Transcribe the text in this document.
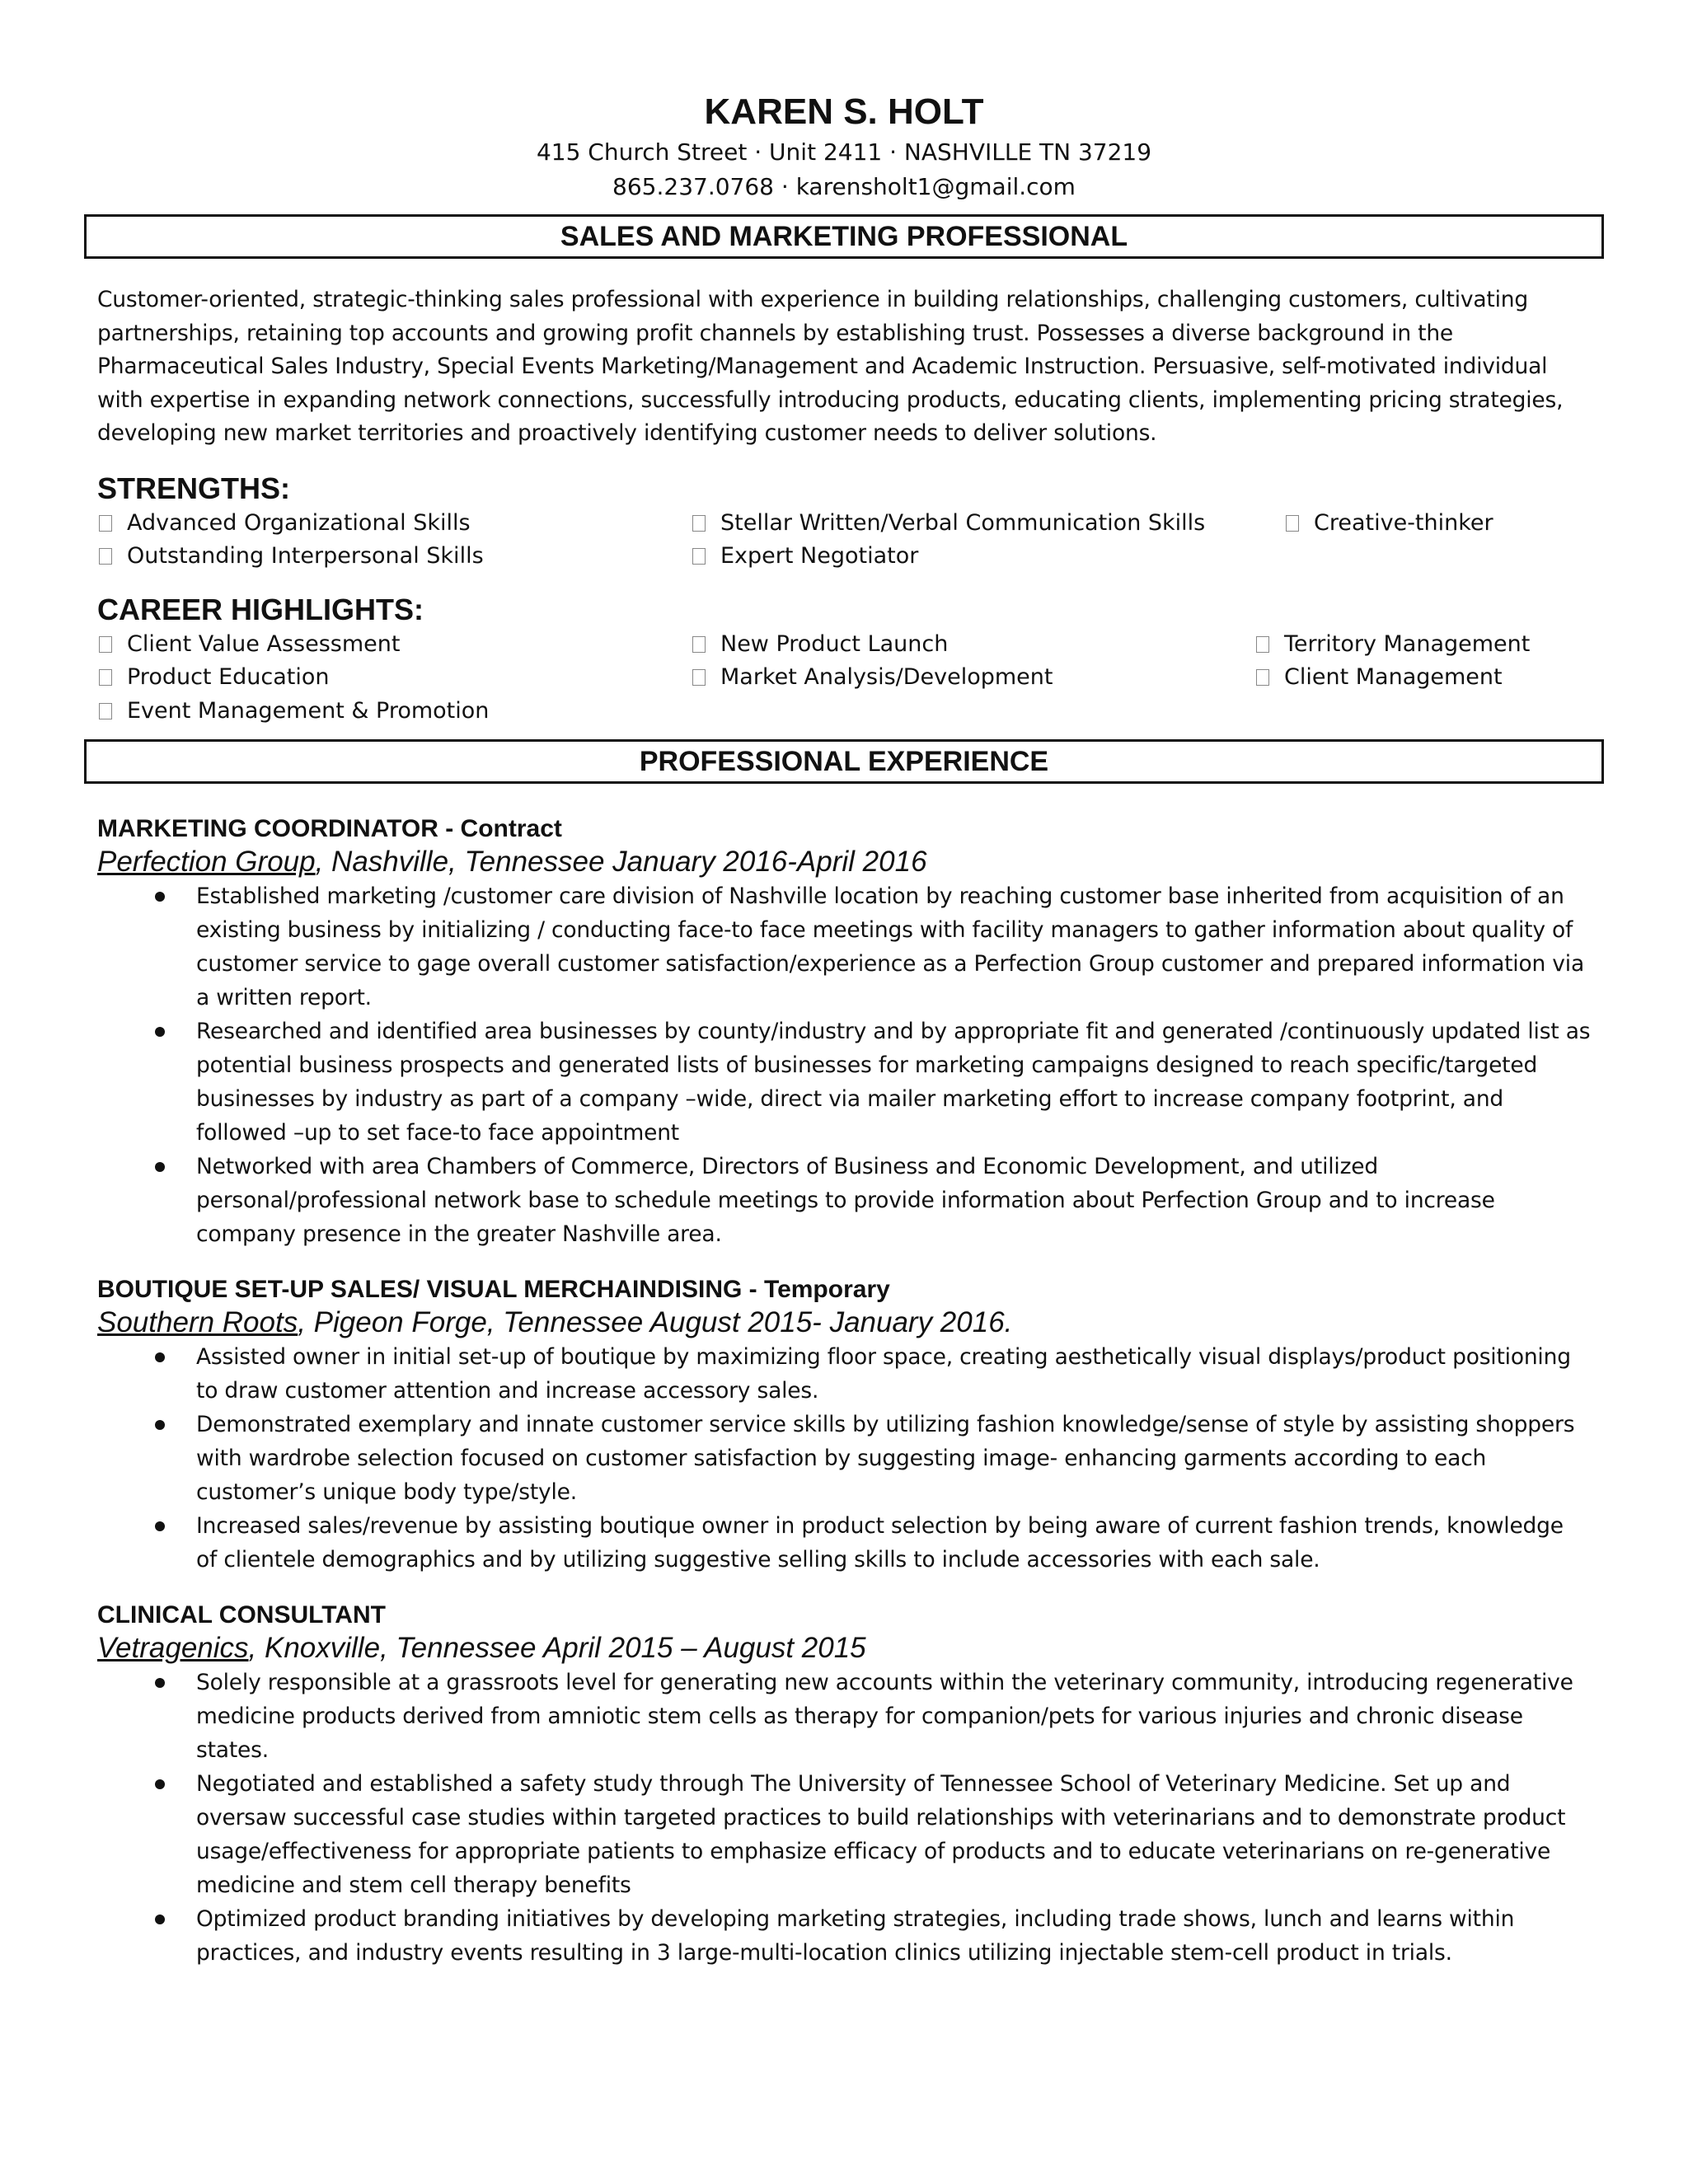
KAREN S. HOLT
415 Church Street · Unit 2411 · NASHVILLE TN 37219
865.237.0768 · karensholt1@gmail.com
SALES AND MARKETING PROFESSIONAL
Customer-oriented, strategic-thinking sales professional with experience in building relationships, challenging customers, cultivating partnerships, retaining top accounts and growing profit channels by establishing trust. Possesses a diverse background in the Pharmaceutical Sales Industry, Special Events Marketing/Management and Academic Instruction. Persuasive, self-motivated individual with expertise in expanding network connections, successfully introducing products, educating clients, implementing pricing strategies, developing new market territories and proactively identifying customer needs to deliver solutions.
STRENGTHS:
Advanced Organizational Skills	Stellar Written/Verbal Communication Skills	Creative-thinker
Outstanding Interpersonal Skills	Expert Negotiator
CAREER HIGHLIGHTS:
Client Value Assessment	New Product Launch	Territory Management
Product Education	Market Analysis/Development	Client Management
Event Management & Promotion
PROFESSIONAL EXPERIENCE
MARKETING COORDINATOR - Contract
Perfection Group, Nashville, Tennessee January 2016-April 2016
Established marketing /customer care division of Nashville location by reaching customer base inherited from acquisition of an existing business by initializing / conducting face-to face meetings with facility managers to gather information about quality of customer service to gage overall customer satisfaction/experience as a Perfection Group customer and prepared information via a written report.
Researched and identified area businesses by county/industry and by appropriate fit and generated /continuously updated list as potential business prospects and generated lists of businesses for marketing campaigns designed to reach specific/targeted businesses by industry as part of a company –wide, direct via mailer marketing effort to increase company footprint, and followed –up to set face-to face appointment
Networked with area Chambers of Commerce, Directors of Business and Economic Development, and utilized personal/professional network base to schedule meetings to provide information about Perfection Group and to increase company presence in the greater Nashville area.
BOUTIQUE SET-UP SALES/ VISUAL MERCHAINDISING - Temporary
Southern Roots, Pigeon Forge, Tennessee August 2015- January 2016.
Assisted owner in initial set-up of boutique by maximizing floor space, creating aesthetically visual displays/product positioning to draw customer attention and increase accessory sales.
Demonstrated exemplary and innate customer service skills by utilizing fashion knowledge/sense of style by assisting shoppers with wardrobe selection focused on customer satisfaction by suggesting image- enhancing garments according to each customer’s unique body type/style.
Increased sales/revenue by assisting boutique owner in product selection by being aware of current fashion trends, knowledge of clientele demographics and by utilizing suggestive selling skills to include accessories with each sale.
CLINICAL CONSULTANT
Vetragenics, Knoxville, Tennessee April 2015 – August 2015
Solely responsible at a grassroots level for generating new accounts within the veterinary community, introducing regenerative medicine products derived from amniotic stem cells as therapy for companion/pets for various injuries and chronic disease states.
Negotiated and established a safety study through The University of Tennessee School of Veterinary Medicine. Set up and oversaw successful case studies within targeted practices to build relationships with veterinarians and to demonstrate product usage/effectiveness for appropriate patients to emphasize efficacy of products and to educate veterinarians on re-generative medicine and stem cell therapy benefits
Optimized product branding initiatives by developing marketing strategies, including trade shows, lunch and learns within practices, and industry events resulting in 3 large-multi-location clinics utilizing injectable stem-cell product in trials.
